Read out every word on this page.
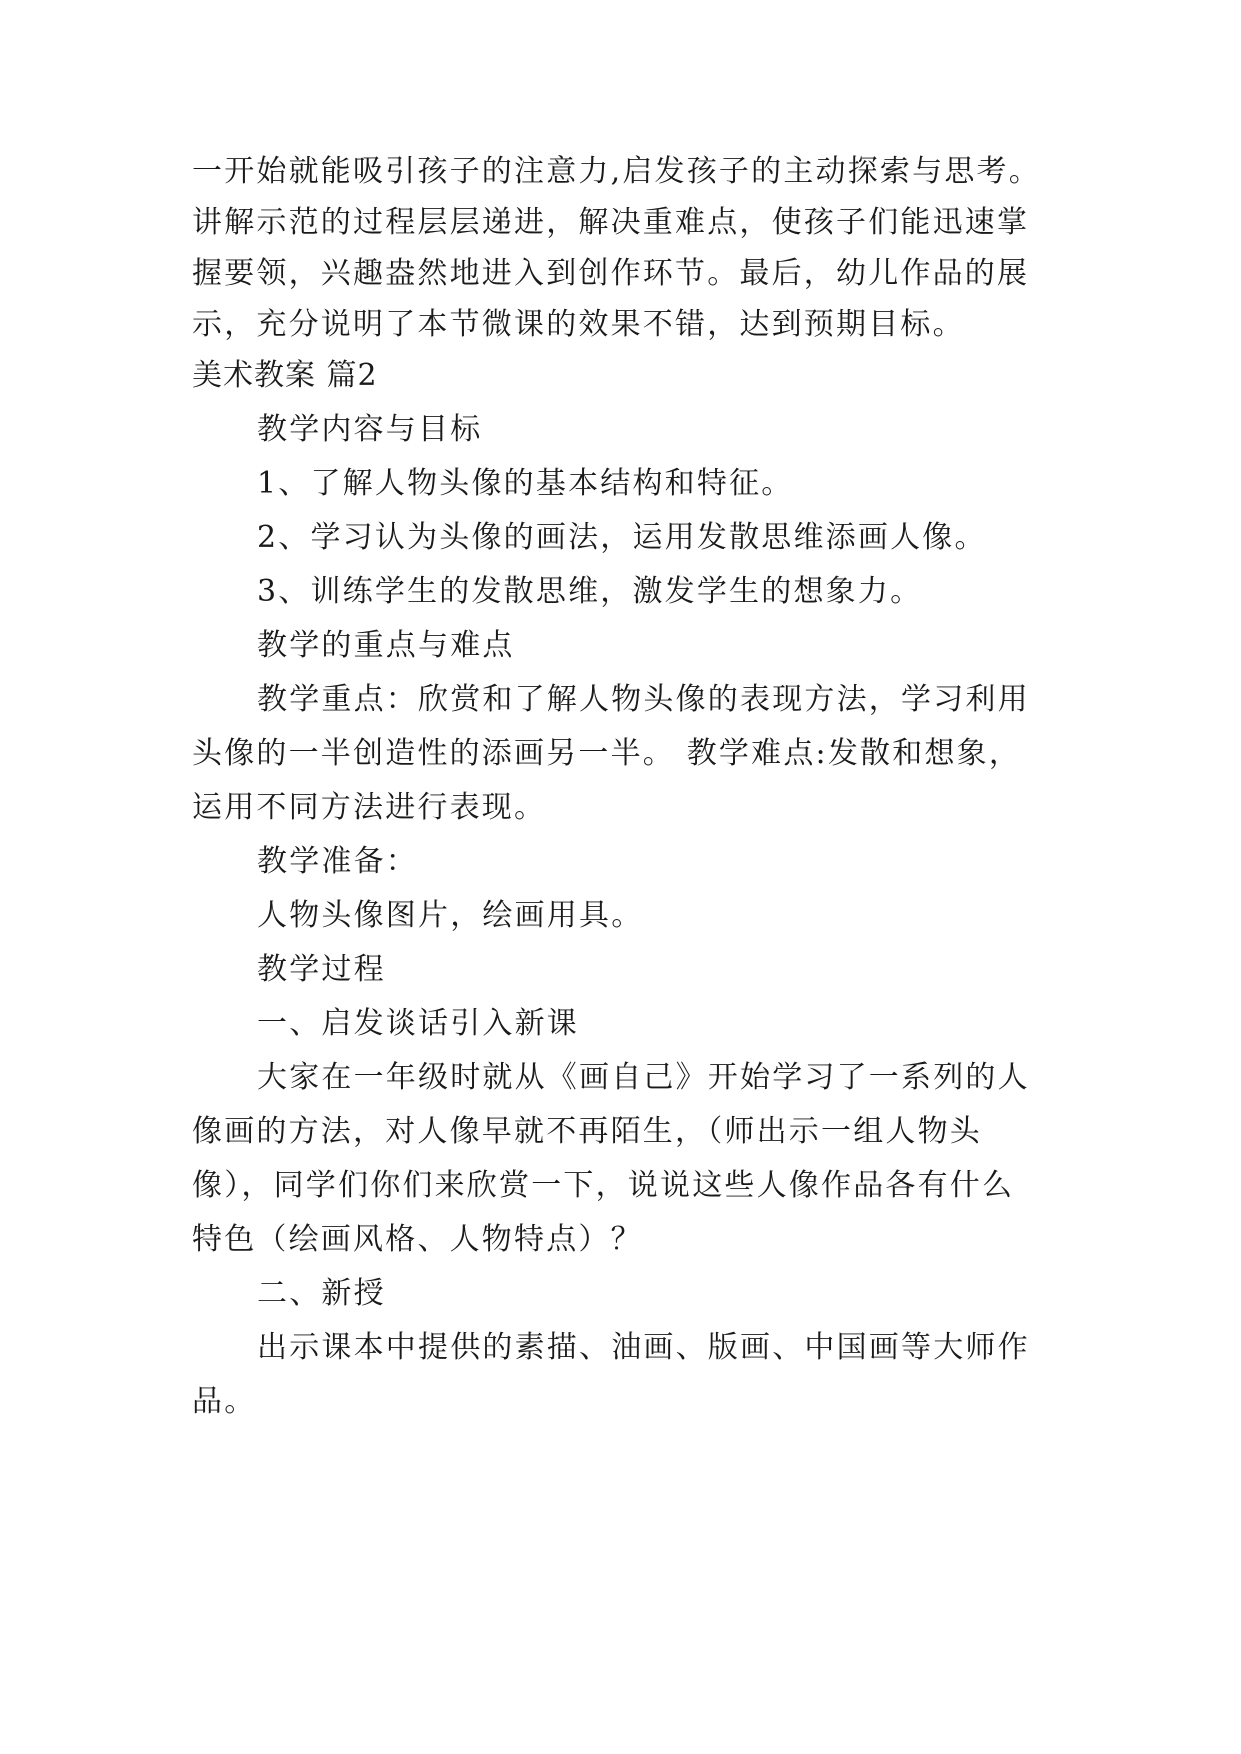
一开始就能吸引孩子的注意力,启发孩子的主动探索与思考。
讲解示范的过程层层递进，解决重难点，使孩子们能迅速掌
握要领，兴趣盎然地进入到创作环节。最后，幼儿作品的展
示，充分说明了本节微课的效果不错，达到预期目标。
美术教案 篇2
教学内容与目标
1、了解人物头像的基本结构和特征。
2、学习认为头像的画法，运用发散思维添画人像。
3、训练学生的发散思维，激发学生的想象力。
教学的重点与难点
教学重点：欣赏和了解人物头像的表现方法，学习利用
头像的一半创造性的添画另一半。 教学难点:发散和想象，
运用不同方法进行表现。
教学准备：
人物头像图片，绘画用具。
教学过程
一、启发谈话引入新课
大家在一年级时就从《画自己》开始学习了一系列的人
像画的方法，对人像早就不再陌生，（师出示一组人物头
像），同学们你们来欣赏一下，说说这些人像作品各有什么
特色（绘画风格、人物特点）？
二、新授
出示课本中提供的素描、油画、版画、中国画等大师作
品。
